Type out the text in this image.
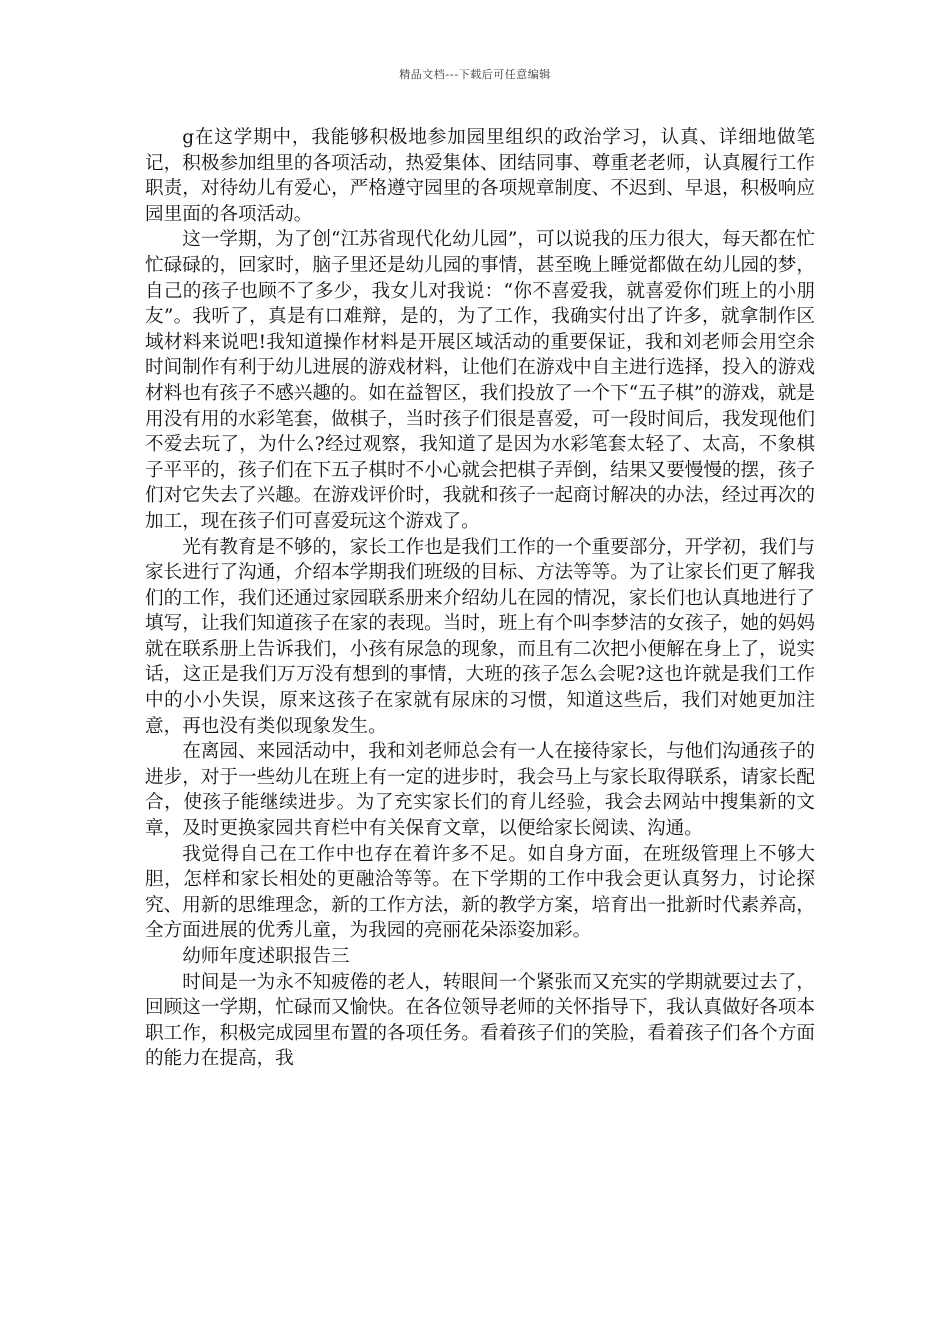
精品文档---下载后可任意编辑

g在这学期中，我能够积极地参加园里组织的政治学习，认真、详细地做笔记，积极参加组里的各项活动，热爱集体、团结同事、尊重老老师，认真履行工作职责，对待幼儿有爱心，严格遵守园里的各项规章制度、不迟到、早退，积极响应园里面的各项活动。

这一学期，为了创“江苏省现代化幼儿园”，可以说我的压力很大，每天都在忙忙碌碌的，回家时，脑子里还是幼儿园的事情，甚至晚上睡觉都做在幼儿园的梦，自己的孩子也顾不了多少，我女儿对我说：“你不喜爱我，就喜爱你们班上的小朋友”。我听了，真是有口难辩，是的，为了工作，我确实付出了许多，就拿制作区域材料来说吧!我知道操作材料是开展区域活动的重要保证，我和刘老师会用空余时间制作有利于幼儿进展的游戏材料，让他们在游戏中自主进行选择，投入的游戏材料也有孩子不感兴趣的。如在益智区，我们投放了一个下“五子棋”的游戏，就是用没有用的水彩笔套，做棋子，当时孩子们很是喜爱，可一段时间后，我发现他们不爱去玩了，为什么?经过观察，我知道了是因为水彩笔套太轻了、太高，不象棋子平平的，孩子们在下五子棋时不小心就会把棋子弄倒，结果又要慢慢的摆，孩子们对它失去了兴趣。在游戏评价时，我就和孩子一起商讨解决的办法，经过再次的加工，现在孩子们可喜爱玩这个游戏了。

光有教育是不够的，家长工作也是我们工作的一个重要部分，开学初，我们与家长进行了沟通，介绍本学期我们班级的目标、方法等等。为了让家长们更了解我们的工作，我们还通过家园联系册来介绍幼儿在园的情况，家长们也认真地进行了填写，让我们知道孩子在家的表现。当时，班上有个叫李梦洁的女孩子，她的妈妈就在联系册上告诉我们，小孩有尿急的现象，而且有二次把小便解在身上了，说实话，这正是我们万万没有想到的事情，大班的孩子怎么会呢?这也许就是我们工作中的小小失误，原来这孩子在家就有尿床的习惯，知道这些后，我们对她更加注意，再也没有类似现象发生。

在离园、来园活动中，我和刘老师总会有一人在接待家长，与他们沟通孩子的进步，对于一些幼儿在班上有一定的进步时，我会马上与家长取得联系，请家长配合，使孩子能继续进步。为了充实家长们的育儿经验，我会去网站中搜集新的文章，及时更换家园共育栏中有关保育文章，以便给家长阅读、沟通。

我觉得自己在工作中也存在着许多不足。如自身方面，在班级管理上不够大胆，怎样和家长相处的更融洽等等。在下学期的工作中我会更认真努力，讨论探究、用新的思维理念，新的工作方法，新的教学方案，培育出一批新时代素养高，全方面进展的优秀儿童，为我园的亮丽花朵添姿加彩。

幼师年度述职报告三

时间是一为永不知疲倦的老人，转眼间一个紧张而又充实的学期就要过去了，回顾这一学期，忙碌而又愉快。在各位领导老师的关怀指导下，我认真做好各项本职工作，积极完成园里布置的各项任务。看着孩子们的笑脸，看着孩子们各个方面的能力在提高，我
